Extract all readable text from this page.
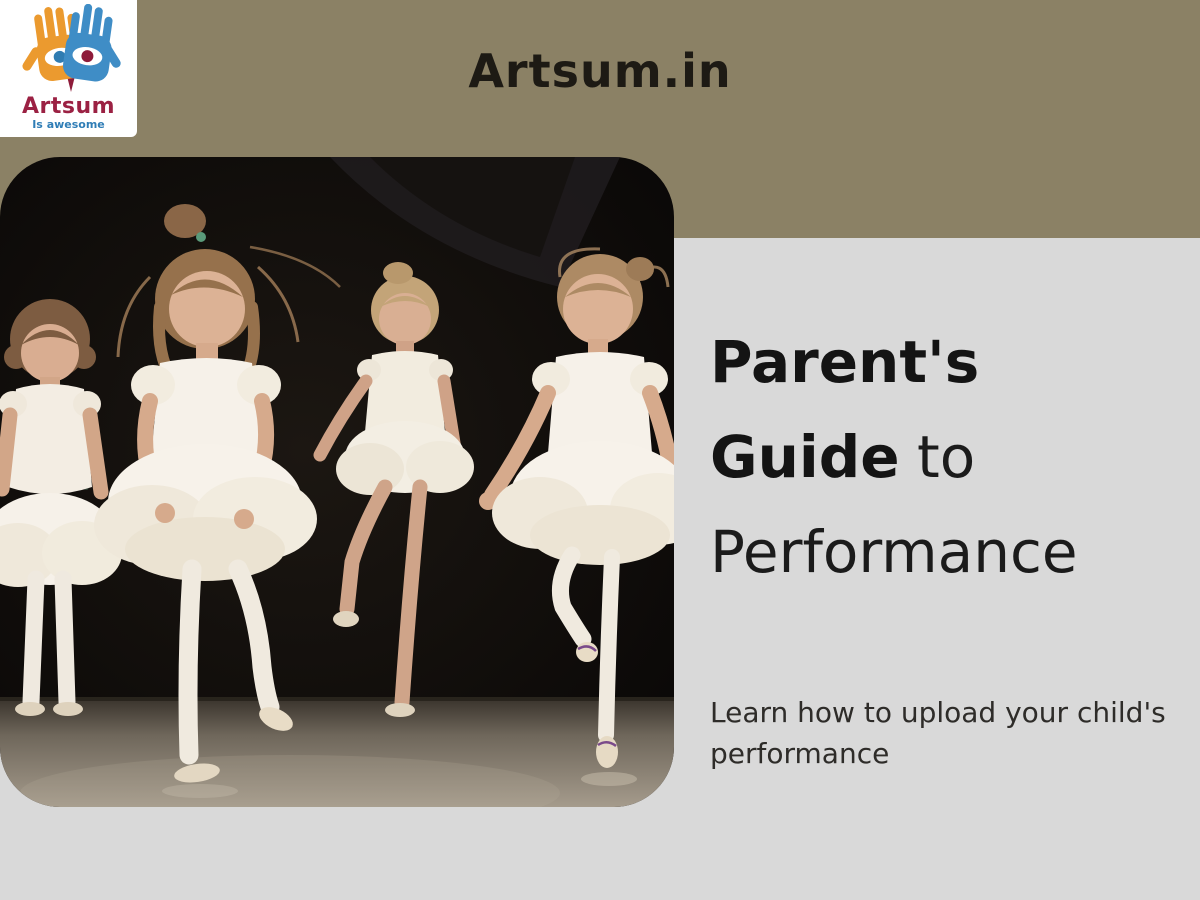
Artsum.in
Artsum
Is awesome
Parent's
Guide to
Performance
Learn how to upload your child's performance
